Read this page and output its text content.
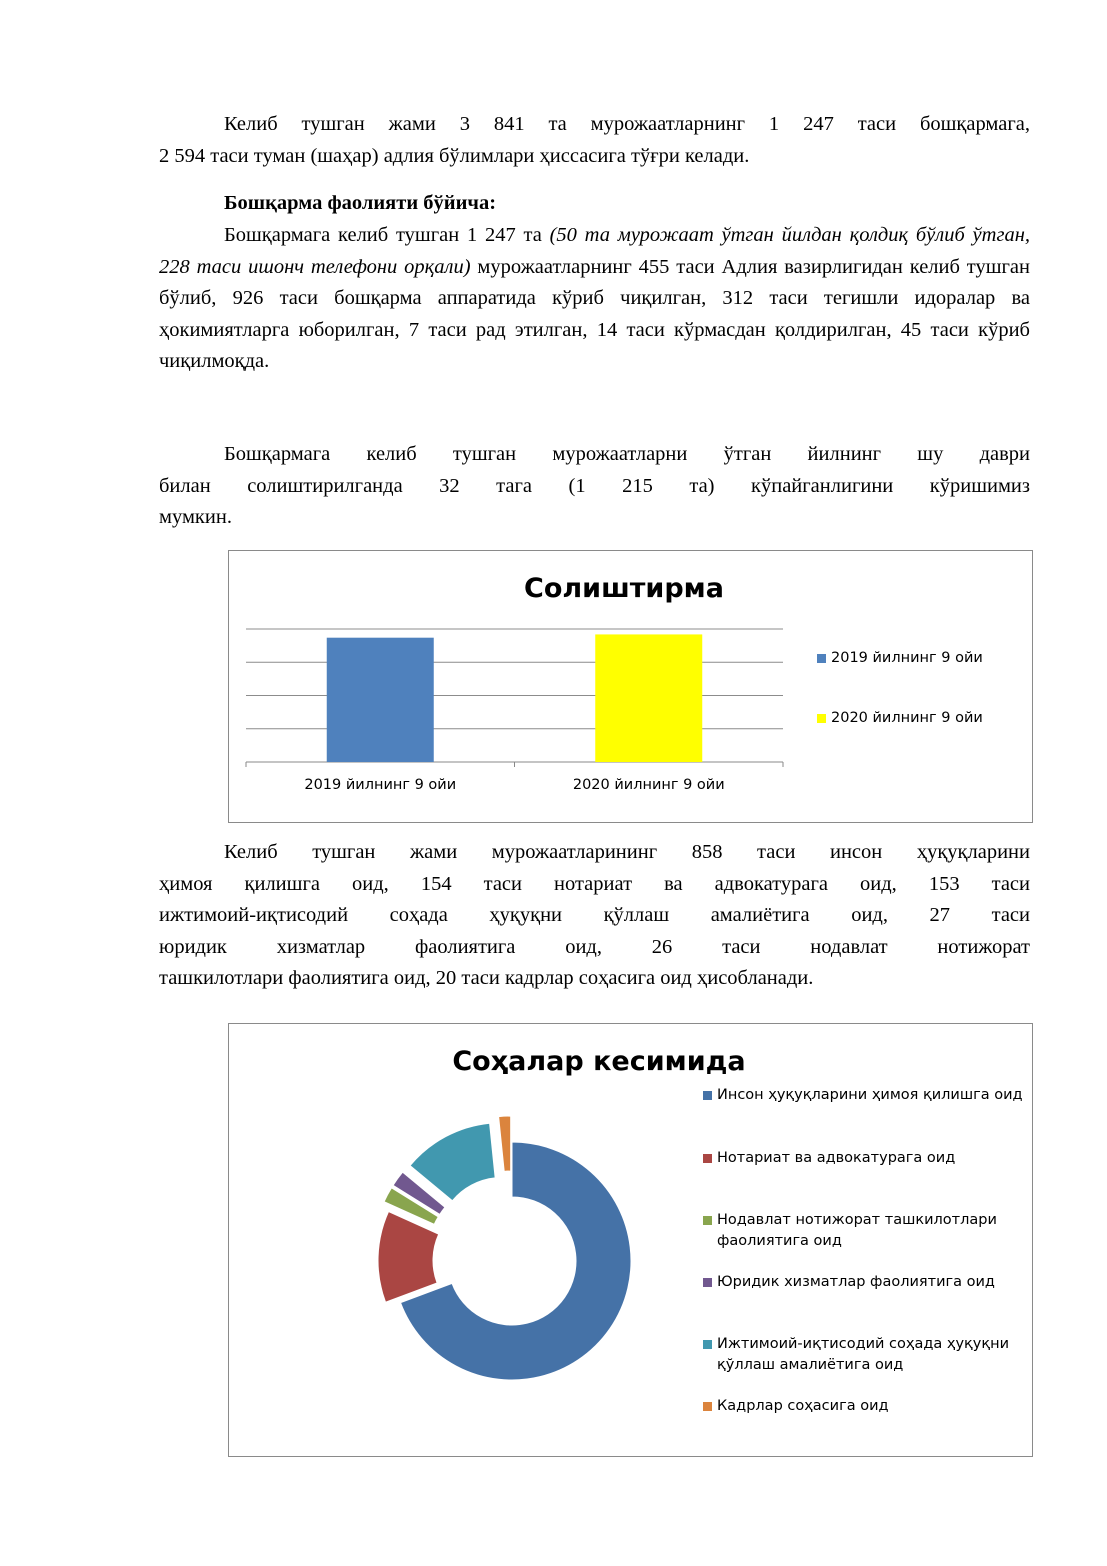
Келиб тушган жами 3 841 та мурожаатларнинг 1 247 таси бошқармага,
2 594 таси туман (шаҳар) адлия бўлимлари ҳиссасига тўғри келади.
Бошқарма фаолияти бўйича:
Бошқармага келиб тушган 1 247 та (50 та мурожаат ўтган йилдан қолдиқ бўлиб ўтган, 228 таси ишонч телефони орқали) мурожаатларнинг 455 таси Адлия вазирлигидан келиб тушган бўлиб, 926 таси бошқарма аппаратида кўриб чиқилган, 312 таси тегишли идоралар ва ҳокимиятларга юборилган, 7 таси рад этилган, 14 таси кўрмасдан қолдирилган, 45 таси кўриб чиқилмоқда.
Бошқармага келиб тушган мурожаатларни ўтган йилнинг шу даври
билан солиштирилганда 32 тага (1 215 та) кўпайганлигини кўришимиз
мумкин.
Солиштирма
2019 йилнинг 9 ойи	2020 йилнинг 9 ойи
2019 йилнинг 9 ойи
2020 йилнинг 9 ойи
Келиб тушган жами мурожаатларининг 858 таси инсон ҳуқуқларини
ҳимоя қилишга оид, 154 таси нотариат ва адвокатурага оид, 153 таси
ижтимоий-иқтисодий соҳада ҳуқуқни қўллаш амалиётига оид, 27 таси
юридик хизматлар фаолиятига оид, 26 таси нодавлат нотижорат
ташкилотлари фаолиятига оид, 20 таси кадрлар соҳасига оид ҳисобланади.
Соҳалар кесимида
Инсон ҳуқуқларини ҳимоя қилишга оид
Нотариат ва адвокатурага оид
Нодавлат нотижорат ташкилотлари фаолиятига оид
Юридик хизматлар фаолиятига оид
Ижтимоий-иқтисодий соҳада ҳуқуқни қўллаш амалиётига оид
Кадрлар соҳасига оид
